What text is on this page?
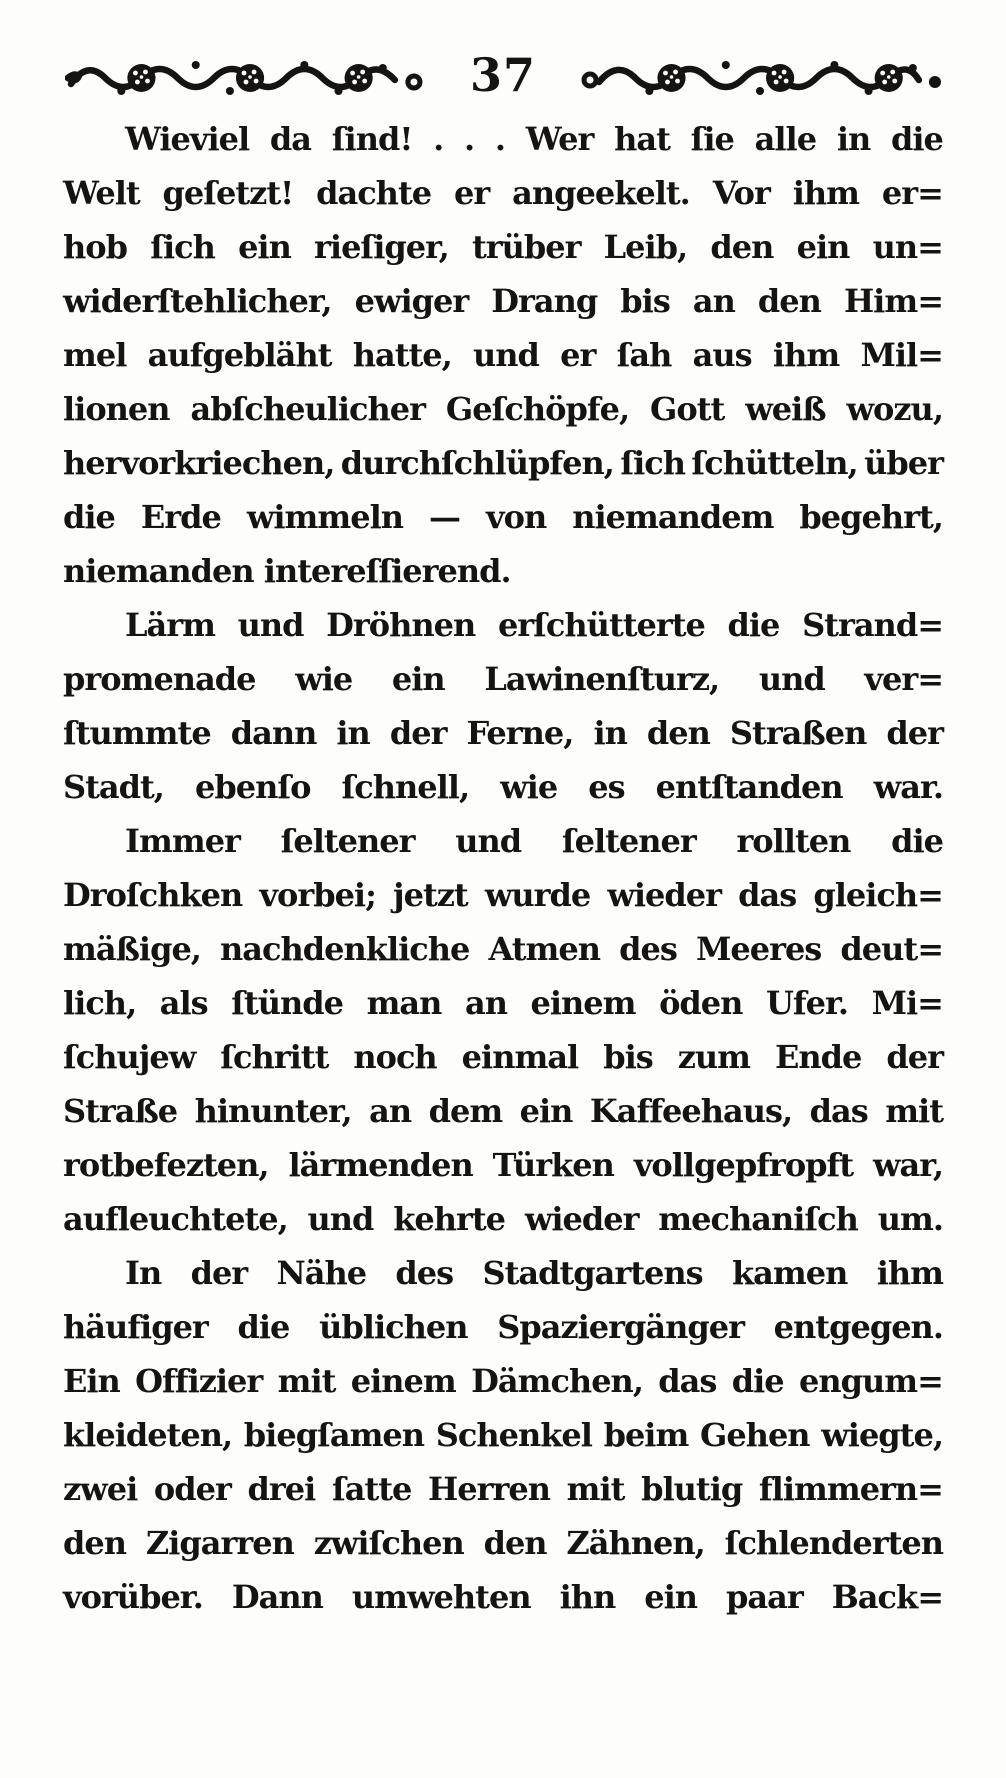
37
Wieviel da ſind! . . . Wer hat ſie alle in die
Welt geſetzt! dachte er angeekelt. Vor ihm er=
hob ſich ein rieſiger, trüber Leib, den ein un=
widerſtehlicher, ewiger Drang bis an den Him=
mel aufgebläht hatte, und er ſah aus ihm Mil=
lionen abſcheulicher Geſchöpfe, Gott weiß wozu,
hervorkriechen, durchſchlüpfen, ſich ſchütteln, über
die Erde wimmeln — von niemandem begehrt,
niemanden intereſſierend.
Lärm und Dröhnen erſchütterte die Strand=
promenade wie ein Lawinenſturz, und ver=
ſtummte dann in der Ferne, in den Straßen der
Stadt, ebenſo ſchnell, wie es entſtanden war.
Immer ſeltener und ſeltener rollten die
Droſchken vorbei; jetzt wurde wieder das gleich=
mäßige, nachdenkliche Atmen des Meeres deut=
lich, als ſtünde man an einem öden Ufer. Mi=
ſchujew ſchritt noch einmal bis zum Ende der
Straße hinunter, an dem ein Kaffeehaus, das mit
rotbefezten, lärmenden Türken vollgepfropft war,
aufleuchtete, und kehrte wieder mechaniſch um.
In der Nähe des Stadtgartens kamen ihm
häufiger die üblichen Spaziergänger entgegen.
Ein Offizier mit einem Dämchen, das die engum=
kleideten, biegſamen Schenkel beim Gehen wiegte,
zwei oder drei ſatte Herren mit blutig flimmern=
den Zigarren zwiſchen den Zähnen, ſchlenderten
vorüber. Dann umwehten ihn ein paar Back=
